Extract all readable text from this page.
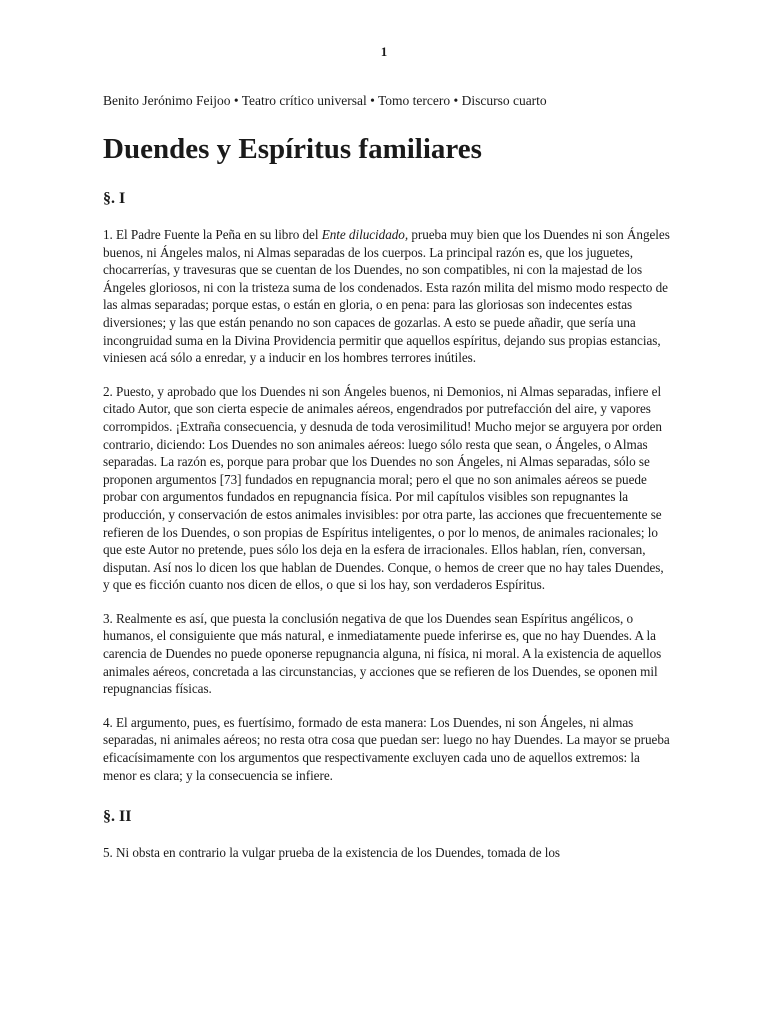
1

Benito Jerónimo Feijoo • Teatro crítico universal • Tomo tercero • Discurso cuarto

Duendes y Espíritus familiares
§. I

1. El Padre Fuente la Peña en su libro del Ente dilucidado, prueba muy bien que los Duendes ni son Ángeles buenos, ni Ángeles malos, ni Almas separadas de los cuerpos. La principal razón es, que los juguetes, chocarrerías, y travesuras que se cuentan de los Duendes, no son compatibles, ni con la majestad de los Ángeles gloriosos, ni con la tristeza suma de los condenados. Esta razón milita del mismo modo respecto de las almas separadas; porque estas, o están en gloria, o en pena: para las gloriosas son indecentes estas diversiones; y las que están penando no son capaces de gozarlas. A esto se puede añadir, que sería una incongruidad suma en la Divina Providencia permitir que aquellos espíritus, dejando sus propias estancias, viniesen acá sólo a enredar, y a inducir en los hombres terrores inútiles.

2. Puesto, y aprobado que los Duendes ni son Ángeles buenos, ni Demonios, ni Almas separadas, infiere el citado Autor, que son cierta especie de animales aéreos, engendrados por putrefacción del aire, y vapores corrompidos. ¡Extraña consecuencia, y desnuda de toda verosimilitud! Mucho mejor se arguyera por orden contrario, diciendo: Los Duendes no son animales aéreos: luego sólo resta que sean, o Ángeles, o Almas separadas. La razón es, porque para probar que los Duendes no son Ángeles, ni Almas separadas, sólo se proponen argumentos [73] fundados en repugnancia moral; pero el que no son animales aéreos se puede probar con argumentos fundados en repugnancia física. Por mil capítulos visibles son repugnantes la producción, y conservación de estos animales invisibles: por otra parte, las acciones que frecuentemente se refieren de los Duendes, o son propias de Espíritus inteligentes, o por lo menos, de animales racionales; lo que este Autor no pretende, pues sólo los deja en la esfera de irracionales. Ellos hablan, ríen, conversan, disputan. Así nos lo dicen los que hablan de Duendes. Conque, o hemos de creer que no hay tales Duendes, y que es ficción cuanto nos dicen de ellos, o que si los hay, son verdaderos Espíritus.

3. Realmente es así, que puesta la conclusión negativa de que los Duendes sean Espíritus angélicos, o humanos, el consiguiente que más natural, e inmediatamente puede inferirse es, que no hay Duendes. A la carencia de Duendes no puede oponerse repugnancia alguna, ni física, ni moral. A la existencia de aquellos animales aéreos, concretada a las circunstancias, y acciones que se refieren de los Duendes, se oponen mil repugnancias físicas.

4. El argumento, pues, es fuertísimo, formado de esta manera: Los Duendes, ni son Ángeles, ni almas separadas, ni animales aéreos; no resta otra cosa que puedan ser: luego no hay Duendes. La mayor se prueba eficacísimamente con los argumentos que respectivamente excluyen cada uno de aquellos extremos: la menor es clara; y la consecuencia se infiere.

§. II

5. Ni obsta en contrario la vulgar prueba de la existencia de los Duendes, tomada de los
